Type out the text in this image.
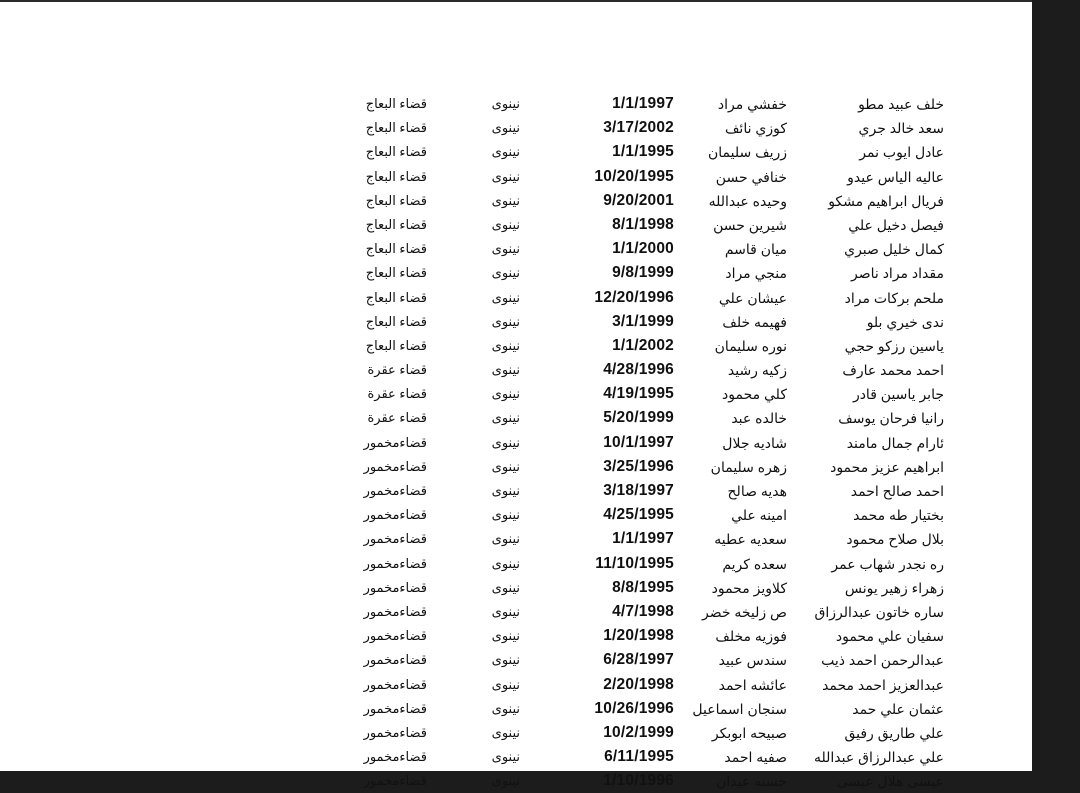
خلف عبيد مطو
خفشي مراد
1/1/1997
نينوى
قضاء البعاج
سعد خالد جري
كوزي نائف
3/17/2002
نينوى
قضاء البعاج
عادل ايوب نمر
زريف سليمان
1/1/1995
نينوى
قضاء البعاج
عاليه الياس عيدو
خنافي حسن
10/20/1995
نينوى
قضاء البعاج
فريال ابراهيم مشكو
وحيده عبدالله
9/20/2001
نينوى
قضاء البعاج
فيصل دخيل علي
شيرين حسن
8/1/1998
نينوى
قضاء البعاج
كمال خليل صبري
ميان قاسم
1/1/2000
نينوى
قضاء البعاج
مقداد مراد ناصر
منجي مراد
9/8/1999
نينوى
قضاء البعاج
ملحم بركات مراد
عيشان علي
12/20/1996
نينوى
قضاء البعاج
ندى خيري بلو
فهيمه خلف
3/1/1999
نينوى
قضاء البعاج
ياسين رزكو حجي
نوره سليمان
1/1/2002
نينوى
قضاء البعاج
احمد محمد عارف
زكيه رشيد
4/28/1996
نينوى
قضاء عقرة
جابر ياسين قادر
كلي محمود
4/19/1995
نينوى
قضاء عقرة
رانيا فرحان يوسف
خالده عبد
5/20/1999
نينوى
قضاء عقرة
ئارام جمال مامند
شاديه جلال
10/1/1997
نينوى
قضاءمخمور
ابراهيم عزيز محمود
زهره سليمان
3/25/1996
نينوى
قضاءمخمور
احمد صالح احمد
هديه صالح
3/18/1997
نينوى
قضاءمخمور
بختيار طه محمد
امينه علي
4/25/1995
نينوى
قضاءمخمور
بلال صلاح محمود
سعديه عطيه
1/1/1997
نينوى
قضاءمخمور
ره نجدر شهاب عمر
سعده كريم
11/10/1995
نينوى
قضاءمخمور
زهراء زهير يونس
كلاويز محمود
8/8/1995
نينوى
قضاءمخمور
ساره خاتون عبدالرزاق
ص زليخه خضر
4/7/1998
نينوى
قضاءمخمور
سفيان علي محمود
فوزيه مخلف
1/20/1998
نينوى
قضاءمخمور
عبدالرحمن احمد ذيب
سندس عبيد
6/28/1997
نينوى
قضاءمخمور
عبدالعزيز احمد محمد
عائشه احمد
2/20/1998
نينوى
قضاءمخمور
عثمان علي حمد
سنجان اسماعيل
10/26/1996
نينوى
قضاءمخمور
علي طاريق رفيق
صبيحه ابوبكر
10/2/1999
نينوى
قضاءمخمور
علي عبدالرزاق عبدالله
صفيه احمد
6/11/1995
نينوى
قضاءمخمور
عيسى هلال عيسى
حسنه عيدان
1/10/1996
نينوى
قضاءمخمور
